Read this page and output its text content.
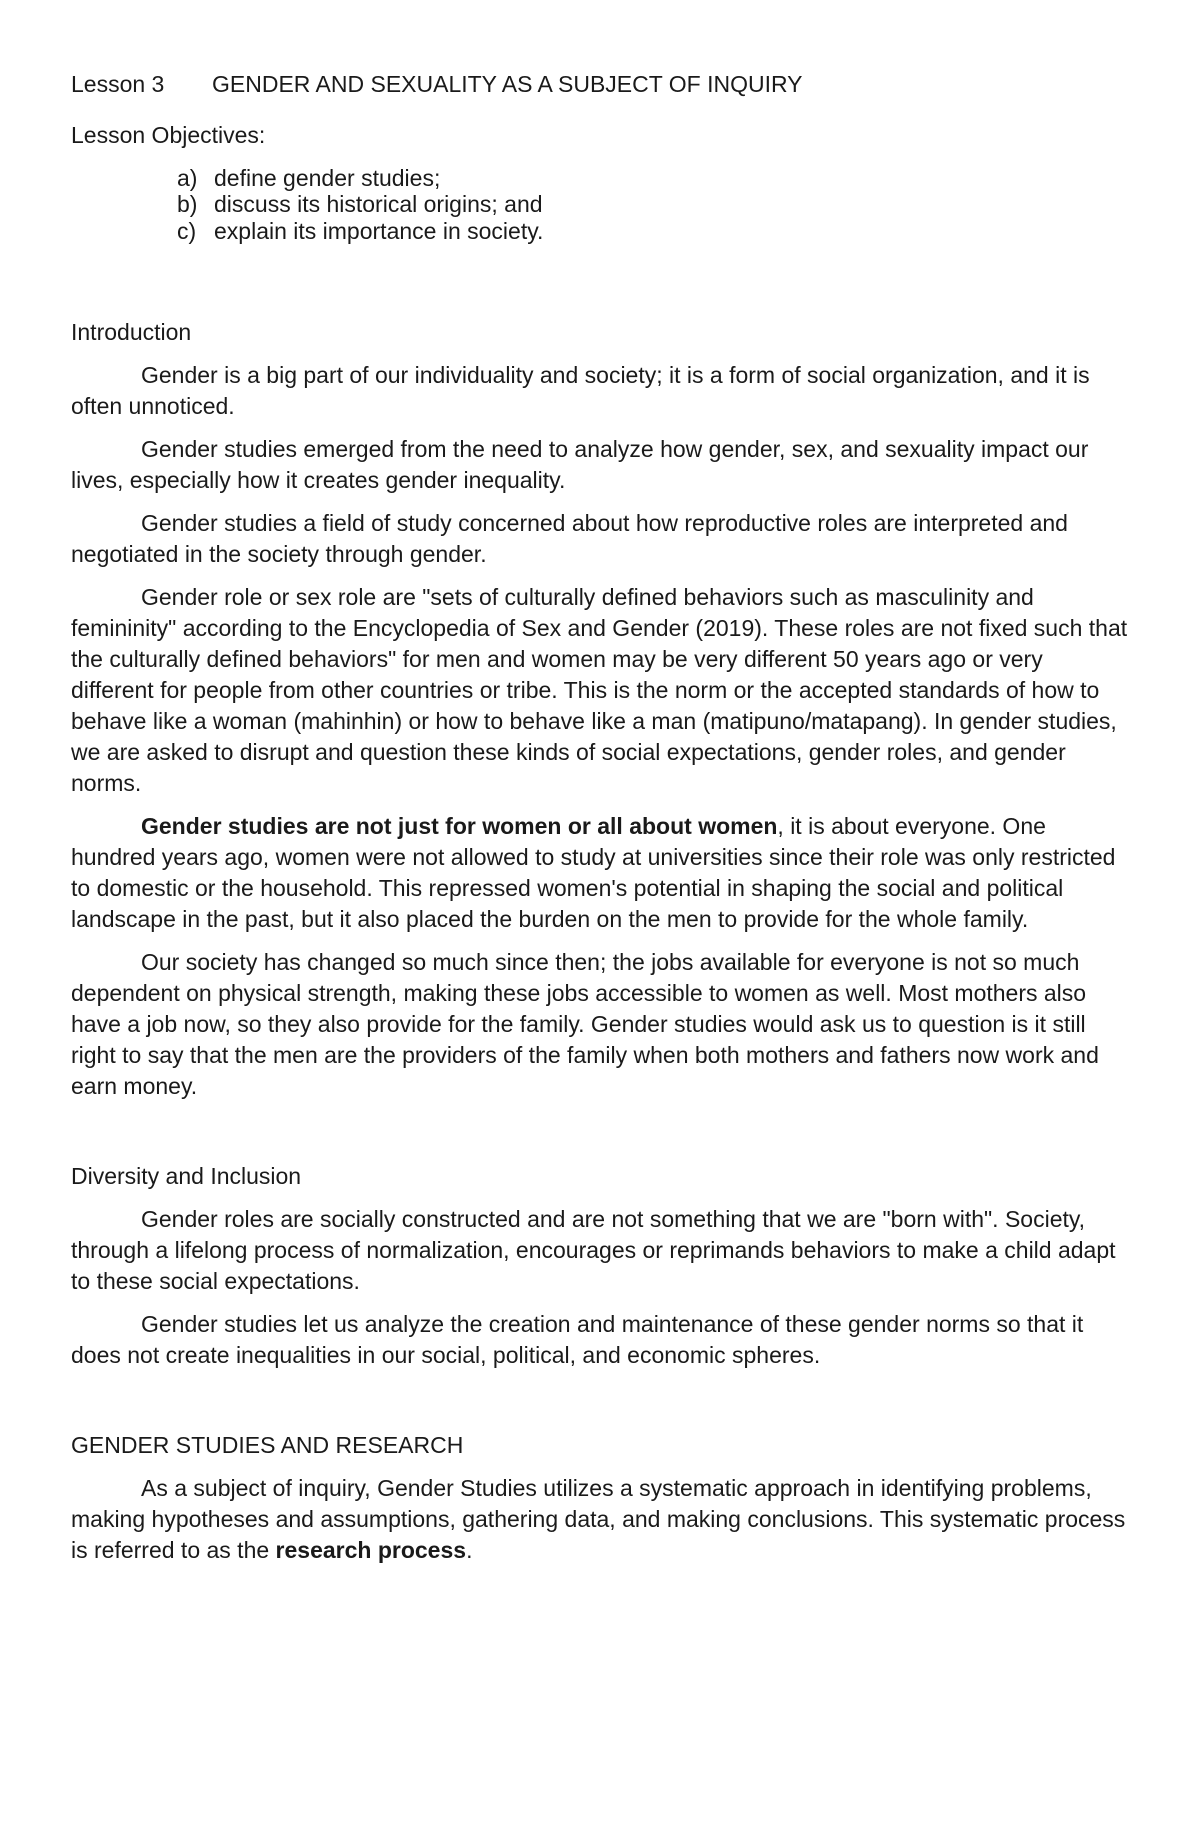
Lesson 3 GENDER AND SEXUALITY AS A SUBJECT OF INQUIRY

Lesson Objectives:

a) define gender studies;
b) discuss its historical origins; and
c) explain its importance in society.

Introduction

Gender is a big part of our individuality and society; it is a form of social organization, and it is often unnoticed.

Gender studies emerged from the need to analyze how gender, sex, and sexuality impact our lives, especially how it creates gender inequality.

Gender studies a field of study concerned about how reproductive roles are interpreted and negotiated in the society through gender.

Gender role or sex role are "sets of culturally defined behaviors such as masculinity and femininity" according to the Encyclopedia of Sex and Gender (2019). These roles are not fixed such that the culturally defined behaviors" for men and women may be very different 50 years ago or very different for people from other countries or tribe. This is the norm or the accepted standards of how to behave like a woman (mahinhin) or how to behave like a man (matipuno/matapang). In gender studies, we are asked to disrupt and question these kinds of social expectations, gender roles, and gender norms.

Gender studies are not just for women or all about women, it is about everyone. One hundred years ago, women were not allowed to study at universities since their role was only restricted to domestic or the household. This repressed women's potential in shaping the social and political landscape in the past, but it also placed the burden on the men to provide for the whole family.

Our society has changed so much since then; the jobs available for everyone is not so much dependent on physical strength, making these jobs accessible to women as well. Most mothers also have a job now, so they also provide for the family. Gender studies would ask us to question is it still right to say that the men are the providers of the family when both mothers and fathers now work and earn money.

Diversity and Inclusion

Gender roles are socially constructed and are not something that we are "born with". Society, through a lifelong process of normalization, encourages or reprimands behaviors to make a child adapt to these social expectations.

Gender studies let us analyze the creation and maintenance of these gender norms so that it does not create inequalities in our social, political, and economic spheres.

GENDER STUDIES AND RESEARCH

As a subject of inquiry, Gender Studies utilizes a systematic approach in identifying problems, making hypotheses and assumptions, gathering data, and making conclusions. This systematic process is referred to as the research process.
